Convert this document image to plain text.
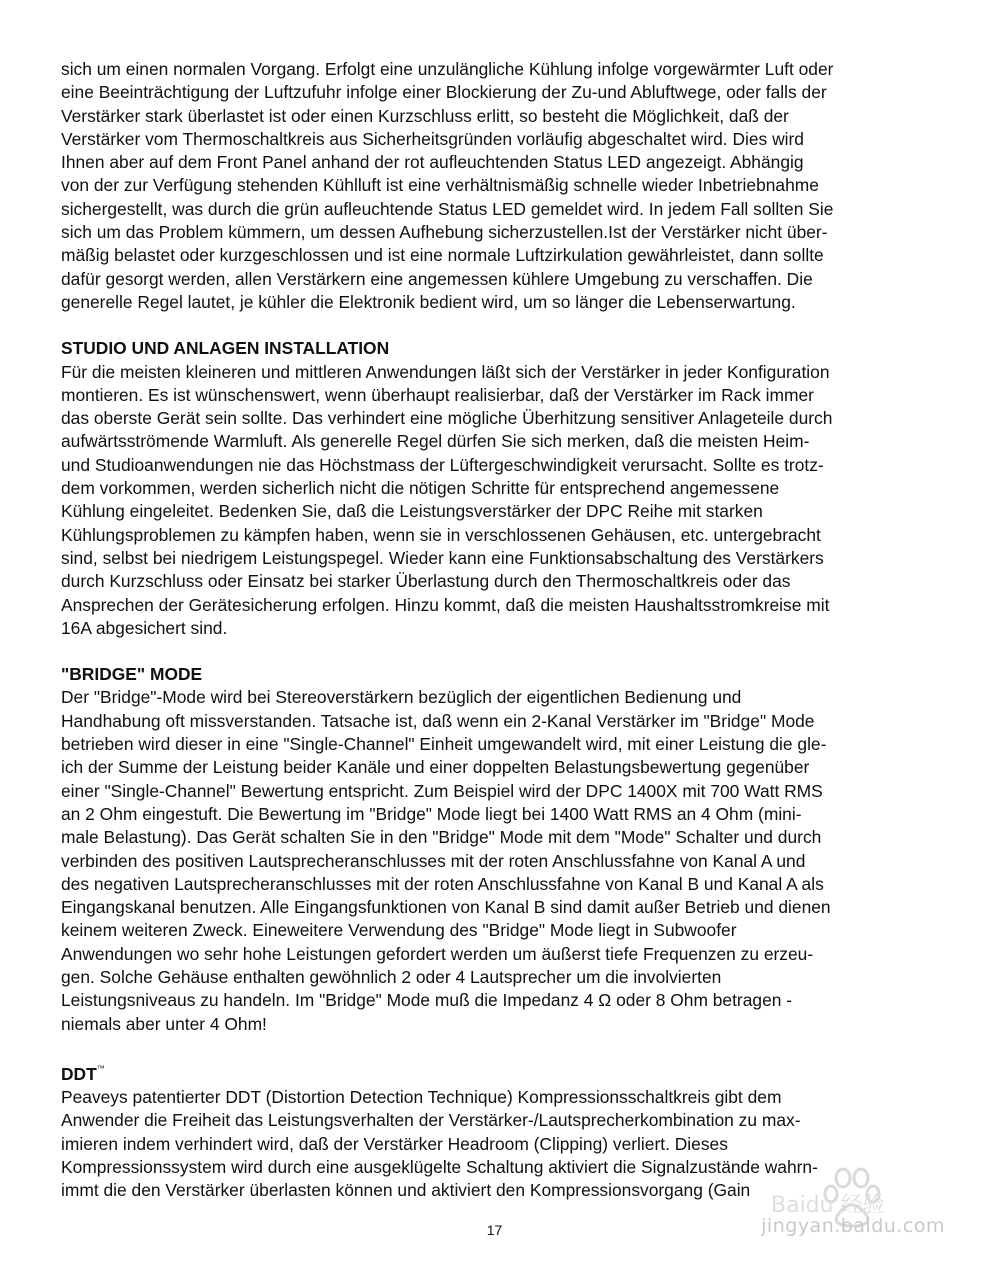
sich um einen normalen Vorgang. Erfolgt eine unzulängliche Kühlung infolge vorgewärmter Luft oder
eine Beeinträchtigung der Luftzufuhr infolge einer Blockierung der Zu-und Abluftwege, oder falls der
Verstärker stark überlastet ist oder einen Kurzschluss erlitt, so besteht die Möglichkeit, daß der
Verstärker vom Thermoschaltkreis aus Sicherheitsgründen vorläufig abgeschaltet wird. Dies wird
Ihnen aber auf dem Front Panel anhand der rot aufleuchtenden Status LED angezeigt. Abhängig
von der zur Verfügung stehenden Kühlluft ist eine verhältnismäßig schnelle wieder Inbetriebnahme
sichergestellt, was durch die grün aufleuchtende Status LED gemeldet wird. In jedem Fall sollten Sie
sich um das Problem kümmern, um dessen Aufhebung sicherzustellen.Ist der Verstärker nicht über-
mäßig belastet oder kurzgeschlossen und ist eine normale Luftzirkulation gewährleistet, dann sollte
dafür gesorgt werden, allen Verstärkern eine angemessen kühlere Umgebung zu verschaffen. Die
generelle Regel lautet, je kühler die Elektronik bedient wird, um so länger die Lebenserwartung.

STUDIO UND ANLAGEN INSTALLATION

Für die meisten kleineren und mittleren Anwendungen läßt sich der Verstärker in jeder Konfiguration
montieren. Es ist wünschenswert, wenn überhaupt realisierbar, daß der Verstärker im Rack immer
das oberste Gerät sein sollte. Das verhindert eine mögliche Überhitzung sensitiver Anlageteile durch
aufwärtsströmende Warmluft. Als generelle Regel dürfen Sie sich merken, daß die meisten Heim-
und Studioanwendungen nie das Höchstmass der Lüftergeschwindigkeit verursacht. Sollte es trotz-
dem vorkommen, werden sicherlich nicht die nötigen Schritte für entsprechend angemessene
Kühlung eingeleitet. Bedenken Sie, daß die Leistungsverstärker der DPC Reihe mit starken
Kühlungsproblemen zu kämpfen haben, wenn sie in verschlossenen Gehäusen, etc. untergebracht
sind, selbst bei niedrigem Leistungspegel. Wieder kann eine Funktionsabschaltung des Verstärkers
durch Kurzschluss oder Einsatz bei starker Überlastung durch den Thermoschaltkreis oder das
Ansprechen der Gerätesicherung erfolgen. Hinzu kommt, daß die meisten Haushaltsstromkreise mit
16A abgesichert sind.

"BRIDGE" MODE

Der "Bridge"-Mode wird bei Stereoverstärkern bezüglich der eigentlichen Bedienung und
Handhabung oft missverstanden. Tatsache ist, daß wenn ein 2-Kanal Verstärker im "Bridge" Mode
betrieben wird dieser in eine "Single-Channel" Einheit umgewandelt wird, mit einer Leistung die gle-
ich der Summe der Leistung beider Kanäle und einer doppelten Belastungsbewertung gegenüber
einer "Single-Channel" Bewertung entspricht. Zum Beispiel wird der DPC 1400X mit 700 Watt RMS
an 2 Ohm eingestuft. Die Bewertung im "Bridge" Mode liegt bei 1400 Watt RMS an 4 Ohm (mini-
male Belastung). Das Gerät schalten Sie in den "Bridge" Mode mit dem "Mode" Schalter und durch
verbinden des positiven Lautsprecheranschlusses mit der roten Anschlussfahne von Kanal A und
des negativen Lautsprecheranschlusses mit der roten Anschlussfahne von Kanal B und Kanal A als
Eingangskanal benutzen. Alle Eingangsfunktionen von Kanal B sind damit außer Betrieb und dienen
keinem weiteren Zweck. Eineweitere Verwendung des "Bridge" Mode liegt in Subwoofer
Anwendungen wo sehr hohe Leistungen gefordert werden um äußerst tiefe Frequenzen zu erzeu-
gen. Solche Gehäuse enthalten gewöhnlich 2 oder 4 Lautsprecher um die involvierten
Leistungsniveaus zu handeln. Im "Bridge" Mode muß die Impedanz 4 Ω oder 8 Ohm betragen -
niemals aber unter 4 Ohm!

DDT™

Peaveys patentierter DDT (Distortion Detection Technique) Kompressionsschaltkreis gibt dem
Anwender die Freiheit das Leistungsverhalten der Verstärker-/Lautsprecherkombination zu max-
imieren indem verhindert wird, daß der Verstärker Headroom (Clipping) verliert. Dieses
Kompressionssystem wird durch eine ausgeklügelte Schaltung aktiviert die Signalzustände wahrn-
immt die den Verstärker überlasten können und aktiviert den Kompressionsvorgang (Gain

17
Baidu 经验
jingyan.baidu.com
